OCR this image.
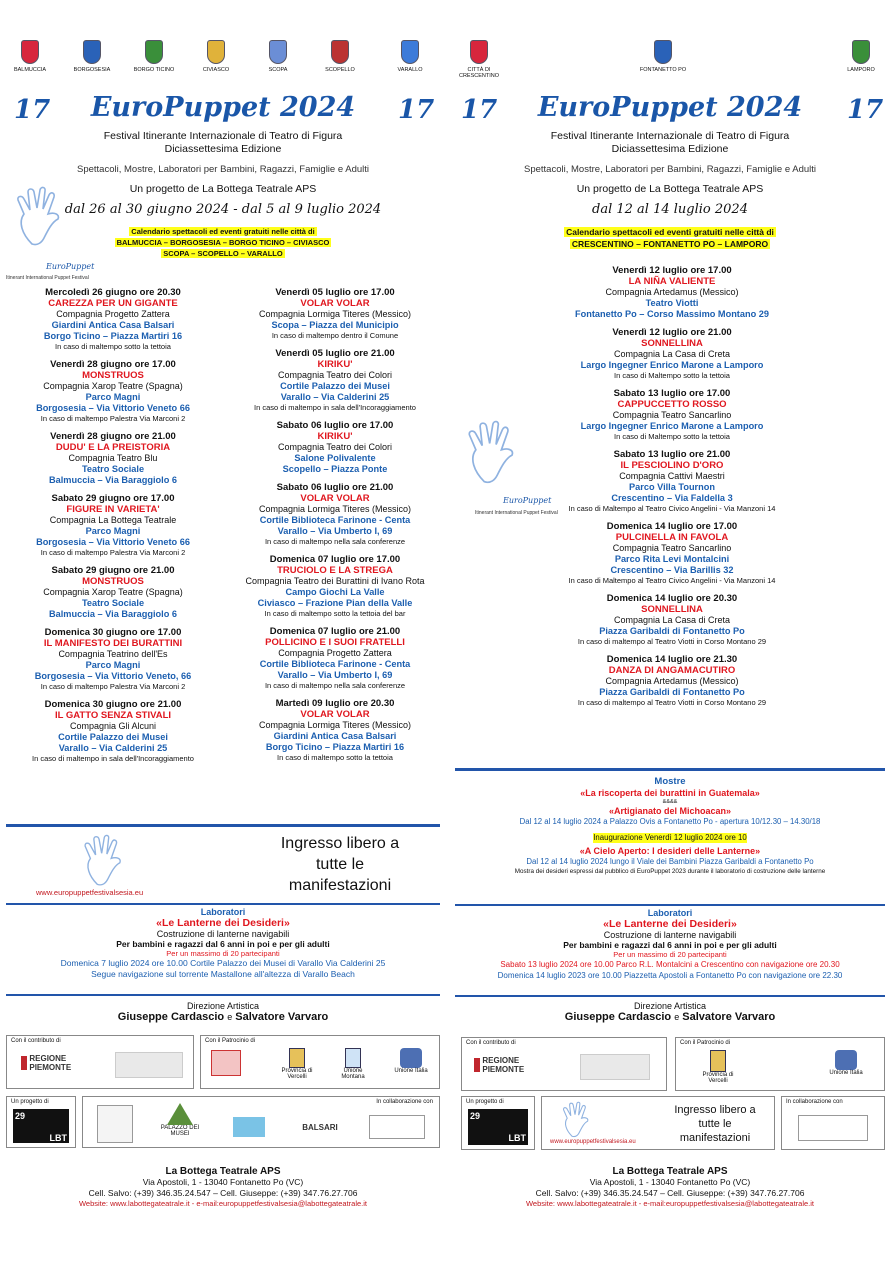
BALMUCCIA	BORGOSESIA	BORGO TICINO	CIVIASCO	SCOPA	SCOPELLO	VARALLO
17	17
EuroPuppet 2024
Festival Itinerante Internazionale di Teatro di Figura
Diciassettesima Edizione
Spettacoli, Mostre, Laboratori per Bambini, Ragazzi, Famiglie e Adulti
Un progetto de La Bottega Teatrale APS
EuroPuppet
Itinerant International Puppet Festival
dal 26 al 30 giugno 2024 - dal 5 al 9 luglio 2024
Calendario spettacoli ed eventi gratuiti nelle città di
BALMUCCIA – BORGOSESIA – BORGO TICINO – CIVIASCO
SCOPA – SCOPELLO – VARALLO
Mercoledì 26 giugno ore 20.30
CAREZZA PER UN GIGANTE
Compagnia Progetto Zattera
Giardini Antica Casa Balsari
Borgo Ticino – Piazza Martiri 16
In caso di maltempo sotto la tettoia
Venerdì 28 giugno ore 17.00
MONSTRUOS
Compagnia Xarop Teatre (Spagna)
Parco Magni
Borgosesia – Via Vittorio Veneto 66
In caso di maltempo Palestra Via Marconi 2
Venerdì 28 giugno ore 21.00
DUDU' E LA PREISTORIA
Compagnia Teatro Blu
Teatro Sociale
Balmuccia – Via Baraggiolo 6
Sabato 29 giugno ore 17.00
FIGURE IN VARIETA'
Compagnia La Bottega Teatrale
Parco Magni
Borgosesia – Via Vittorio Veneto 66
In caso di maltempo Palestra Via Marconi 2
Sabato 29 giugno ore 21.00
MONSTRUOS
Compagnia Xarop Teatre (Spagna)
Teatro Sociale
Balmuccia – Via Baraggiolo 6
Domenica 30 giugno ore 17.00
IL MANIFESTO DEI BURATTINI
Compagnia Teatrino dell'Es
Parco Magni
Borgosesia – Via Vittorio Veneto, 66
In caso di maltempo Palestra Via Marconi 2
Domenica 30 giugno ore 21.00
IL GATTO SENZA STIVALI
Compagnia Gli Alcuni
Cortile Palazzo dei Musei
Varallo – Via Calderini 25
In caso di maltempo in sala dell'Incoraggiamento
Venerdì 05 luglio ore 17.00
VOLAR VOLAR
Compagnia Lormiga Titeres (Messico)
Scopa – Piazza del Municipio
In caso di maltempo dentro il Comune
Venerdì 05 luglio ore 21.00
KIRIKU'
Compagnia Teatro dei Colori
Cortile Palazzo dei Musei
Varallo – Via Calderini 25
In caso di maltempo in sala dell'Incoraggiamento
Sabato 06 luglio ore 17.00
KIRIKU'
Compagnia Teatro dei Colori
Salone Polivalente
Scopello – Piazza Ponte
Sabato 06 luglio ore 21.00
VOLAR VOLAR
Compagnia Lormiga Titeres (Messico)
Cortile Biblioteca Farinone - Centa
Varallo – Via Umberto I, 69
In caso di maltempo nella sala conferenze
Domenica 07 luglio ore 17.00
TRUCIOLO E LA STREGA
Compagnia Teatro dei Burattini di Ivano Rota
Campo Giochi La Valle
Civiasco – Frazione Pian della Valle
In caso di maltempo sotto la tettoia del bar
Domenica 07 luglio ore 21.00
POLLICINO E I SUOI FRATELLI
Compagnia Progetto Zattera
Cortile Biblioteca Farinone - Centa
Varallo – Via Umberto I, 69
In caso di maltempo nella sala conferenze
Martedì 09 luglio ore 20.30
VOLAR VOLAR
Compagnia Lormiga Titeres (Messico)
Giardini Antica Casa Balsari
Borgo Ticino – Piazza Martiri 16
In caso di maltempo sotto la tettoia
www.europuppetfestivalsesia.eu
Ingresso libero a
tutte le
manifestazioni
Laboratori
«Le Lanterne dei Desideri»
Costruzione di lanterne navigabili
Per bambini e ragazzi dal 6 anni in poi e per gli adulti
Per un massimo di 20 partecipanti
Domenica 7 luglio 2024 ore 10.00 Cortile Palazzo dei Musei di Varallo Via Calderini 25
Segue navigazione sul torrente Mastallone all'altezza di Varallo Beach
Direzione Artistica
Giuseppe Cardascio e Salvatore Varvaro
Con il contributo di
REGIONE PIEMONTE
Con il Patrocinio di
Provincia di Vercelli
Unione Montana
Unione Italia
Un progetto di
29
LBT
In collaborazione con
PALAZZO DEI MUSEI
BALSARI
La Bottega Teatrale APS
Via Apostoli, 1 - 13040 Fontanetto Po (VC)
Cell. Salvo: (+39) 346.35.24.547 – Cell. Giuseppe: (+39) 347.76.27.706
Website: www.labottegateatrale.it - e-mail:europuppetfestivalsesia@labottegateatrale.it
CITTÀ DI CRESCENTINO
FONTANETTO PO	LAMPORO
17	17
EuroPuppet 2024
Festival Itinerante Internazionale di Teatro di Figura
Diciassettesima Edizione
Spettacoli, Mostre, Laboratori per Bambini, Ragazzi, Famiglie e Adulti
Un progetto de La Bottega Teatrale APS
dal 12 al 14 luglio 2024
Calendario spettacoli ed eventi gratuiti nelle città di
CRESCENTINO – FONTANETTO PO – LAMPORO
EuroPuppet
Itinerant International Puppet Festival
Venerdì 12 luglio ore 17.00
LA NIÑA VALIENTE
Compagnia Artedamus (Messico)
Teatro Viotti
Fontanetto Po – Corso Massimo Montano 29
Venerdì 12 luglio ore 21.00
SONNELLINA
Compagnia La Casa di Creta
Largo Ingegner Enrico Marone a Lamporo
In caso di Maltempo sotto la tettoia
Sabato 13 luglio ore 17.00
CAPPUCCETTO ROSSO
Compagnia Teatro Sancarlino
Largo Ingegner Enrico Marone a Lamporo
In caso di Maltempo sotto la tettoia
Sabato 13 luglio ore 21.00
IL PESCIOLINO D'ORO
Compagnia Cattivi Maestri
Parco Villa Tournon
Crescentino – Via Faldella 3
In caso di Maltempo al Teatro Civico Angelini - Via Manzoni 14
Domenica 14 luglio ore 17.00
PULCINELLA IN FAVOLA
Compagnia Teatro Sancarlino
Parco Rita Levi Montalcini
Crescentino – Via Barillis 32
In caso di Maltempo al Teatro Civico Angelini - Via Manzoni 14
Domenica 14 luglio ore 20.30
SONNELLINA
Compagnia La Casa di Creta
Piazza Garibaldi di Fontanetto Po
In caso di maltempo al Teatro Viotti in Corso Montano 29
Domenica 14 luglio ore 21.30
DANZA DI ANGAMACUTIRO
Compagnia Artedamus (Messico)
Piazza Garibaldi di Fontanetto Po
In caso di maltempo al Teatro Viotti in Corso Montano 29
Mostre
«La riscoperta dei burattini in Guatemala»
&&&&
«Artigianato del Michoacan»
Dal 12 al 14 luglio 2024 a Palazzo Ovis a Fontanetto Po - apertura 10/12.30 – 14.30/18
Inaugurazione Venerdì 12 luglio 2024 ore 10
«A Cielo Aperto: I desideri delle Lanterne»
Dal 12 al 14 luglio 2024 lungo il Viale dei Bambini Piazza Garibaldi a Fontanetto Po
Mostra dei desideri espressi dal pubblico di EuroPuppet 2023 durante il laboratorio di costruzione delle lanterne
Laboratori
«Le Lanterne dei Desideri»
Costruzione di lanterne navigabili
Per bambini e ragazzi dal 6 anni in poi e per gli adulti
Per un massimo di 20 partecipanti
Sabato 13 luglio 2024 ore 10.00 Parco R.L. Montalcini a Crescentino con navigazione ore 20.30
Domenica 14 luglio 2023 ore 10.00 Piazzetta Apostoli a Fontanetto Po con navigazione ore 22.30
Direzione Artistica
Giuseppe Cardascio e Salvatore Varvaro
Con il contributo di
REGIONE PIEMONTE
Con il Patrocinio di
Provincia di Vercelli
Unione Italia
Un progetto di
29
LBT	www.europuppetfestivalsesia.eu
Ingresso libero a
tutte le
manifestazioni
In collaborazione con
La Bottega Teatrale APS
Via Apostoli, 1 - 13040 Fontanetto Po (VC)
Cell. Salvo: (+39) 346.35.24.547 – Cell. Giuseppe: (+39) 347.76.27.706
Website: www.labottegateatrale.it - e-mail:europuppetfestivalsesia@labottegateatrale.it
